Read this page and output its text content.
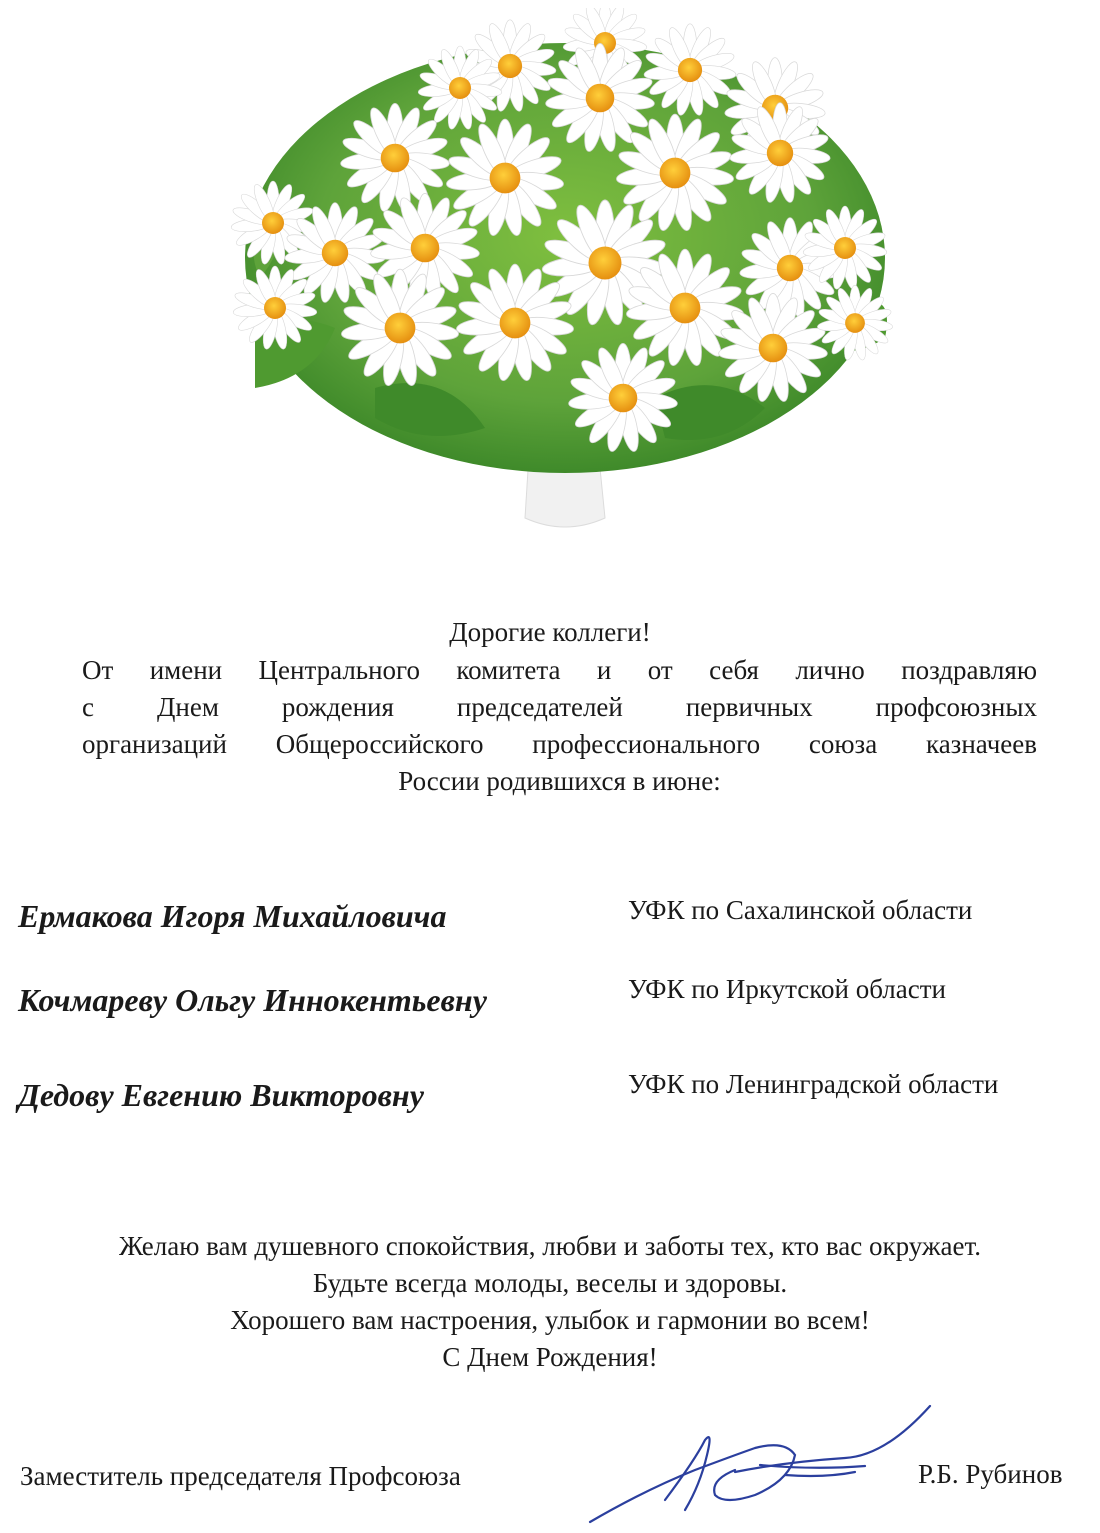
Дорогие коллеги!
От имени Центрального комитета и от себя лично поздравляю
с Днем рождения председателей первичных профсоюзных
организаций Общероссийского профессионального союза казначеев
России родившихся в июне:
Ермакова Игоря Михайловича	УФК по Сахалинской области
Кочмареву Ольгу Иннокентьевну	УФК по Иркутской области
Дедову Евгению Викторовну	УФК по Ленинградской области
Желаю вам душевного спокойствия, любви и заботы тех, кто вас окружает.
Будьте всегда молоды, веселы и здоровы.
Хорошего вам настроения, улыбок и гармонии во всем!
С Днем Рождения!
Заместитель председателя Профсоюза	Р.Б. Рубинов
